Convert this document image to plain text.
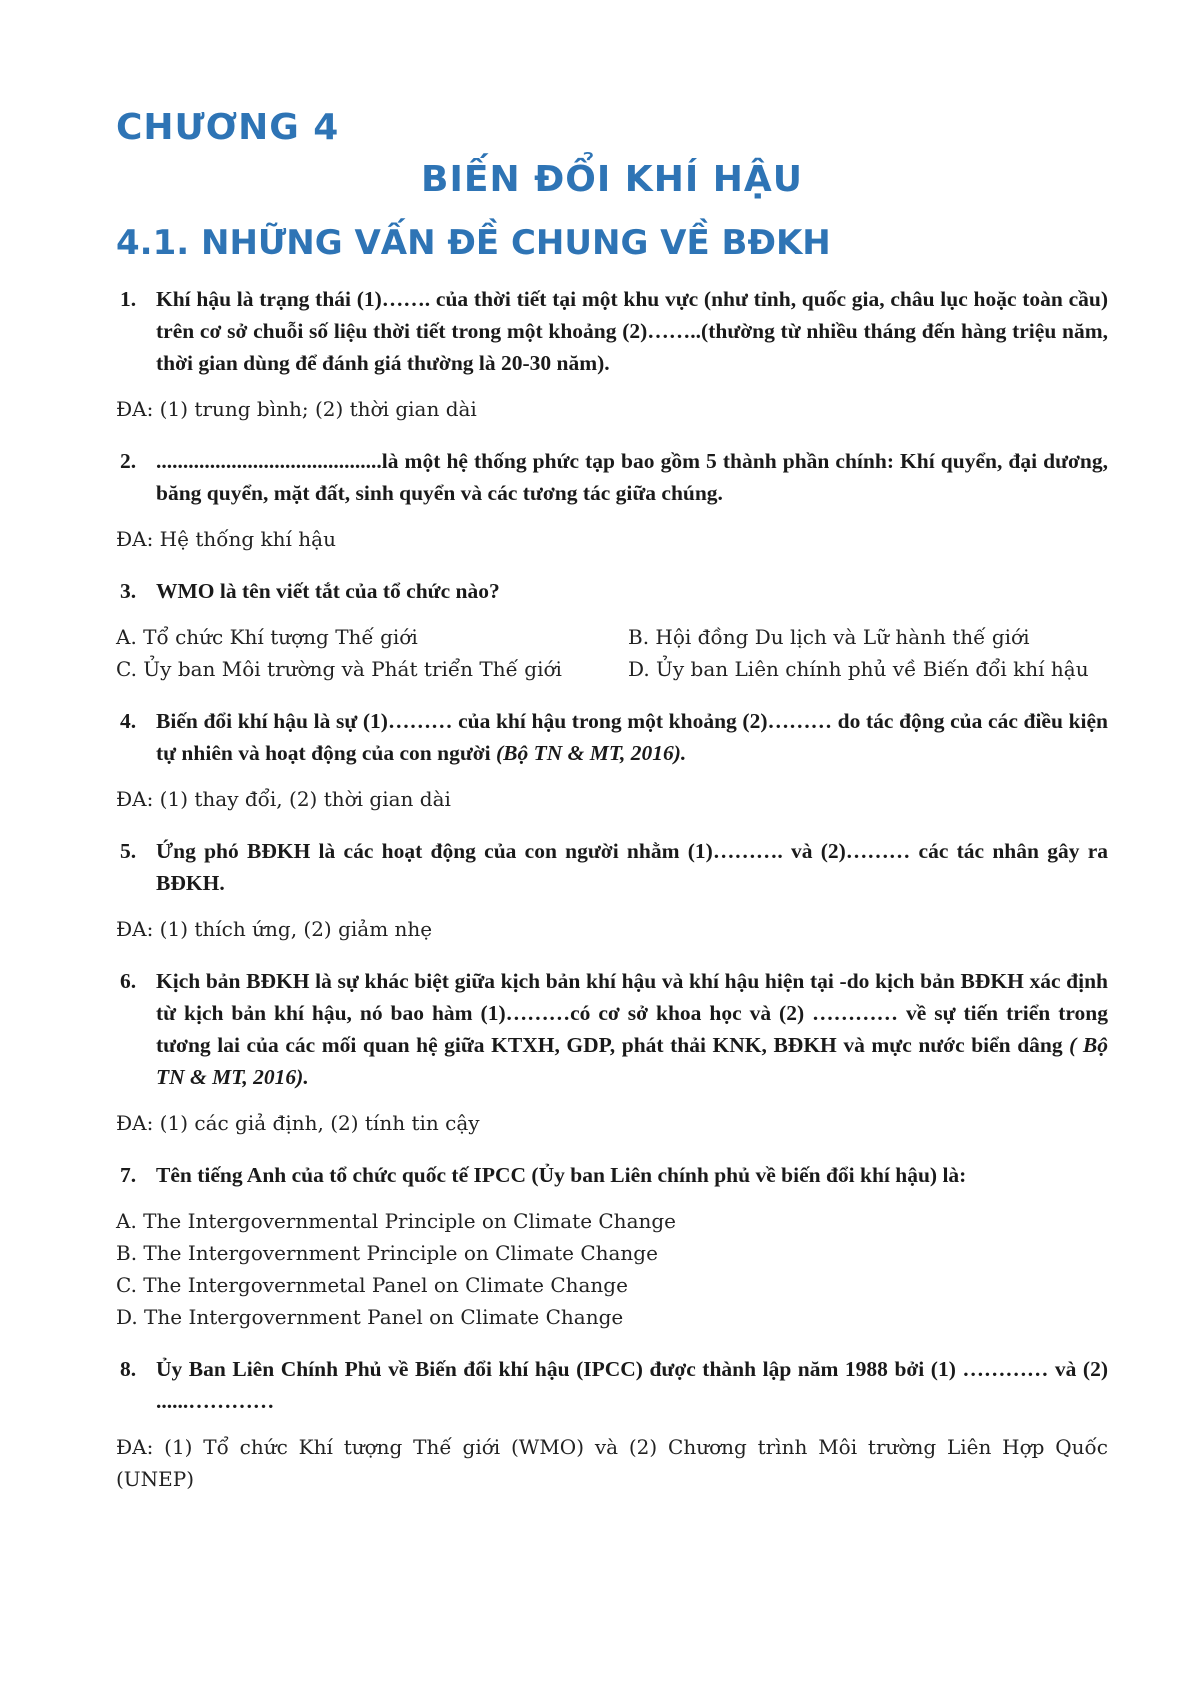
CHƯƠNG 4
BIẾN ĐỔI KHÍ HẬU
4.1. NHỮNG VẤN ĐỀ CHUNG VỀ BĐKH
1. Khí hậu là trạng thái (1)……. của thời tiết tại một khu vực (như tỉnh, quốc gia, châu lục hoặc toàn cầu) trên cơ sở chuỗi số liệu thời tiết trong một khoảng (2)……..(thường từ nhiều tháng đến hàng triệu năm, thời gian dùng để đánh giá thường là 20-30 năm).
ĐA: (1) trung bình; (2) thời gian dài
2. ..........................................là một hệ thống phức tạp bao gồm 5 thành phần chính: Khí quyển, đại dương, băng quyển, mặt đất, sinh quyển và các tương tác giữa chúng.
ĐA: Hệ thống khí hậu
3. WMO là tên viết tắt của tổ chức nào?
A. Tổ chức Khí tượng Thế giới	B. Hội đồng Du lịch và Lữ hành thế giới
C. Ủy ban Môi trường và Phát triển Thế giới	D. Ủy ban Liên chính phủ về Biến đổi khí hậu
4. Biến đổi khí hậu là sự (1)……… của khí hậu trong một khoảng (2)……… do tác động của các điều kiện tự nhiên và hoạt động của con người (Bộ TN & MT, 2016).
ĐA: (1) thay đổi, (2) thời gian dài
5. Ứng phó BĐKH là các hoạt động của con người nhằm (1)………. và (2)……… các tác nhân gây ra BĐKH.
ĐA: (1) thích ứng, (2) giảm nhẹ
6. Kịch bản BĐKH là sự khác biệt giữa kịch bản khí hậu và khí hậu hiện tại -do kịch bản BĐKH xác định từ kịch bản khí hậu, nó bao hàm (1)………có cơ sở khoa học và (2) ………… về sự tiến triển trong tương lai của các mối quan hệ giữa KTXH, GDP, phát thải KNK, BĐKH và mực nước biển dâng ( Bộ TN & MT, 2016).
ĐA: (1) các giả định, (2) tính tin cậy
7. Tên tiếng Anh của tổ chức quốc tế IPCC (Ủy ban Liên chính phủ về biến đổi khí hậu) là:
A. The Intergovernmental Principle on Climate Change
B. The Intergovernment Principle on Climate Change
C. The Intergovernmetal Panel on Climate Change
D. The Intergovernment Panel on Climate Change
8. Ủy Ban Liên Chính Phủ về Biến đổi khí hậu (IPCC) được thành lập năm 1988 bởi (1) ………… và (2) ......…………
ĐA: (1) Tổ chức Khí tượng Thế giới (WMO) và (2) Chương trình Môi trường Liên Hợp Quốc (UNEP)
